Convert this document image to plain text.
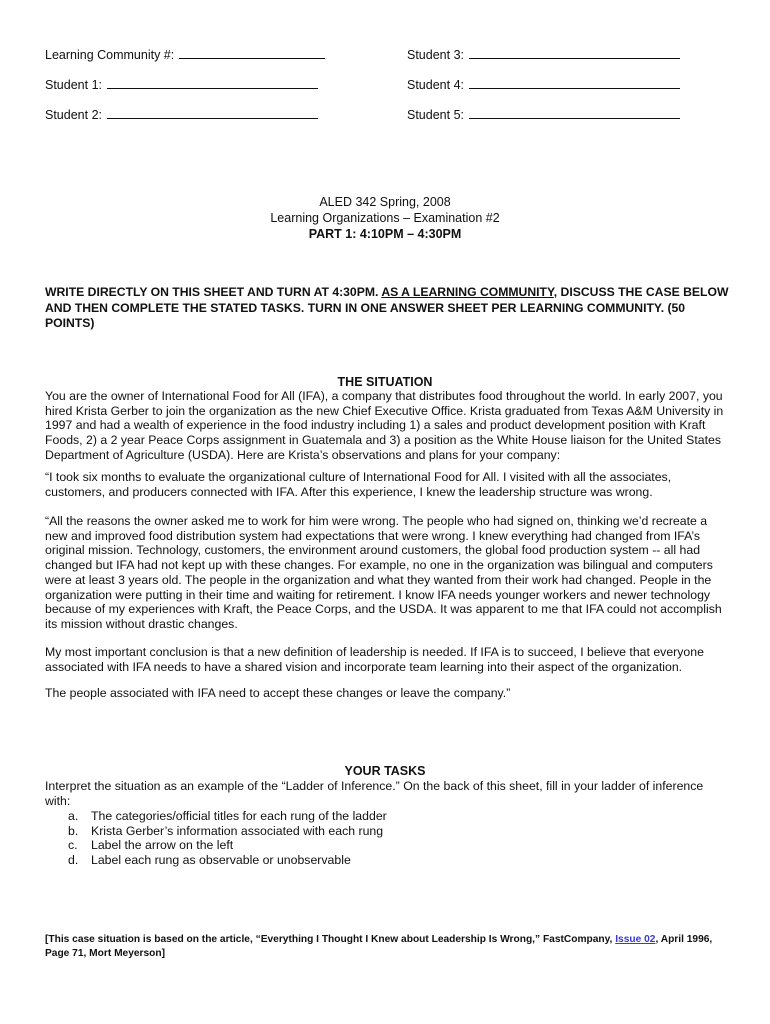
Learning Community #:
Student 1:
Student 2:
Student 3:
Student 4:
Student 5:
ALED 342 Spring, 2008
Learning Organizations – Examination #2
PART 1: 4:10PM – 4:30PM
WRITE DIRECTLY ON THIS SHEET AND TURN AT 4:30PM. AS A LEARNING COMMUNITY, DISCUSS THE CASE BELOW AND THEN COMPLETE THE STATED TASKS. TURN IN ONE ANSWER SHEET PER LEARNING COMMUNITY. (50 POINTS)
THE SITUATION

You are the owner of International Food for All (IFA), a company that distributes food throughout the world. In early 2007, you hired Krista Gerber to join the organization as the new Chief Executive Office. Krista graduated from Texas A&M University in 1997 and had a wealth of experience in the food industry including 1) a sales and product development position with Kraft Foods, 2) a 2 year Peace Corps assignment in Guatemala and 3) a position as the White House liaison for the United States Department of Agriculture (USDA). Here are Krista’s observations and plans for your company:

“I took six months to evaluate the organizational culture of International Food for All. I visited with all the associates, customers, and producers connected with IFA. After this experience, I knew the leadership structure was wrong.

“All the reasons the owner asked me to work for him were wrong. The people who had signed on, thinking we’d recreate a new and improved food distribution system had expectations that were wrong. I knew everything had changed from IFA’s original mission. Technology, customers, the environment around customers, the global food production system -- all had changed but IFA had not kept up with these changes. For example, no one in the organization was bilingual and computers were at least 3 years old. The people in the organization and what they wanted from their work had changed. People in the organization were putting in their time and waiting for retirement. I know IFA needs younger workers and newer technology because of my experiences with Kraft, the Peace Corps, and the USDA. It was apparent to me that IFA could not accomplish its mission without drastic changes.

My most important conclusion is that a new definition of leadership is needed. If IFA is to succeed, I believe that everyone associated with IFA needs to have a shared vision and incorporate team learning into their aspect of the organization.

The people associated with IFA need to accept these changes or leave the company.”

YOUR TASKS

Interpret the situation as an example of the “Ladder of Inference.” On the back of this sheet, fill in your ladder of inference with:

a.	The categories/official titles for each rung of the ladder
b.	Krista Gerber’s information associated with each rung
c.	Label the arrow on the left
d.	Label each rung as observable or unobservable
[This case situation is based on the article, “Everything I Thought I Knew about Leadership Is Wrong,” FastCompany, Issue 02, April 1996, Page 71, Mort Meyerson]
